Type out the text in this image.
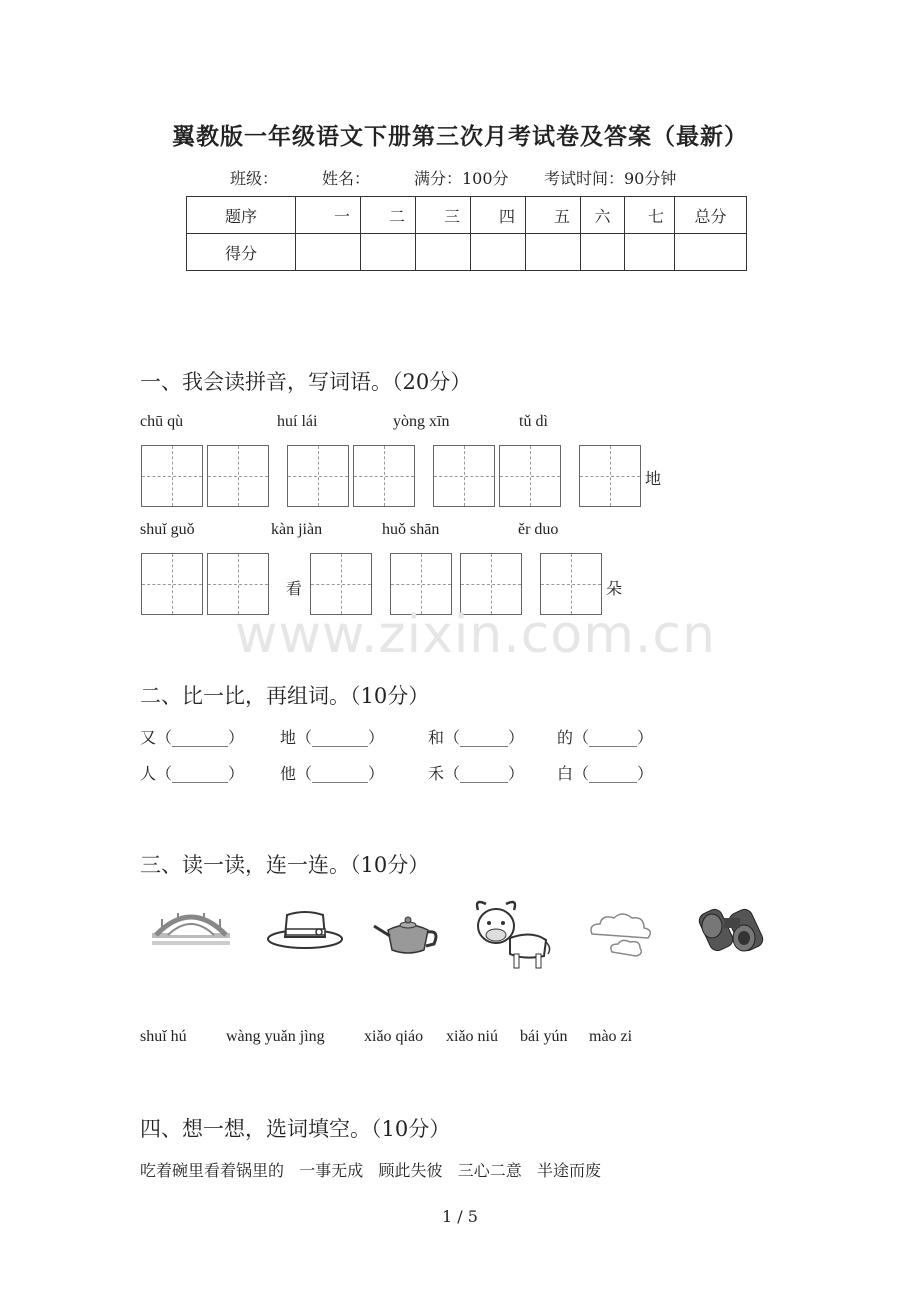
翼教版一年级语文下册第三次月考试卷及答案（最新）
班级：	姓名：	满分：100分 考试时间：90分钟
题序	一	二	三	四	五	六	七	总分
得分								
一、我会读拼音，写词语。（20分）
chū qù	huí lái	yòng xīn	tǔ dì
地
shuǐ guǒ	kàn jiàn	huǒ shān	ěr duo
看	朵
www.zixin.com.cn
二、比一比，再组词。（10分）
又（_______） 地（_______）	和（______） 的（______）
人（_______） 他（_______）	禾（______） 白（______）
三、读一读，连一连。（10分）
shuǐ hú wàng yuǎn jìng xiǎo qiáo xiǎo niú bái yún mào zi
四、想一想，选词填空。（10分）
吃着碗里看着锅里的   一事无成   顾此失彼   三心二意   半途而废
1 / 5
